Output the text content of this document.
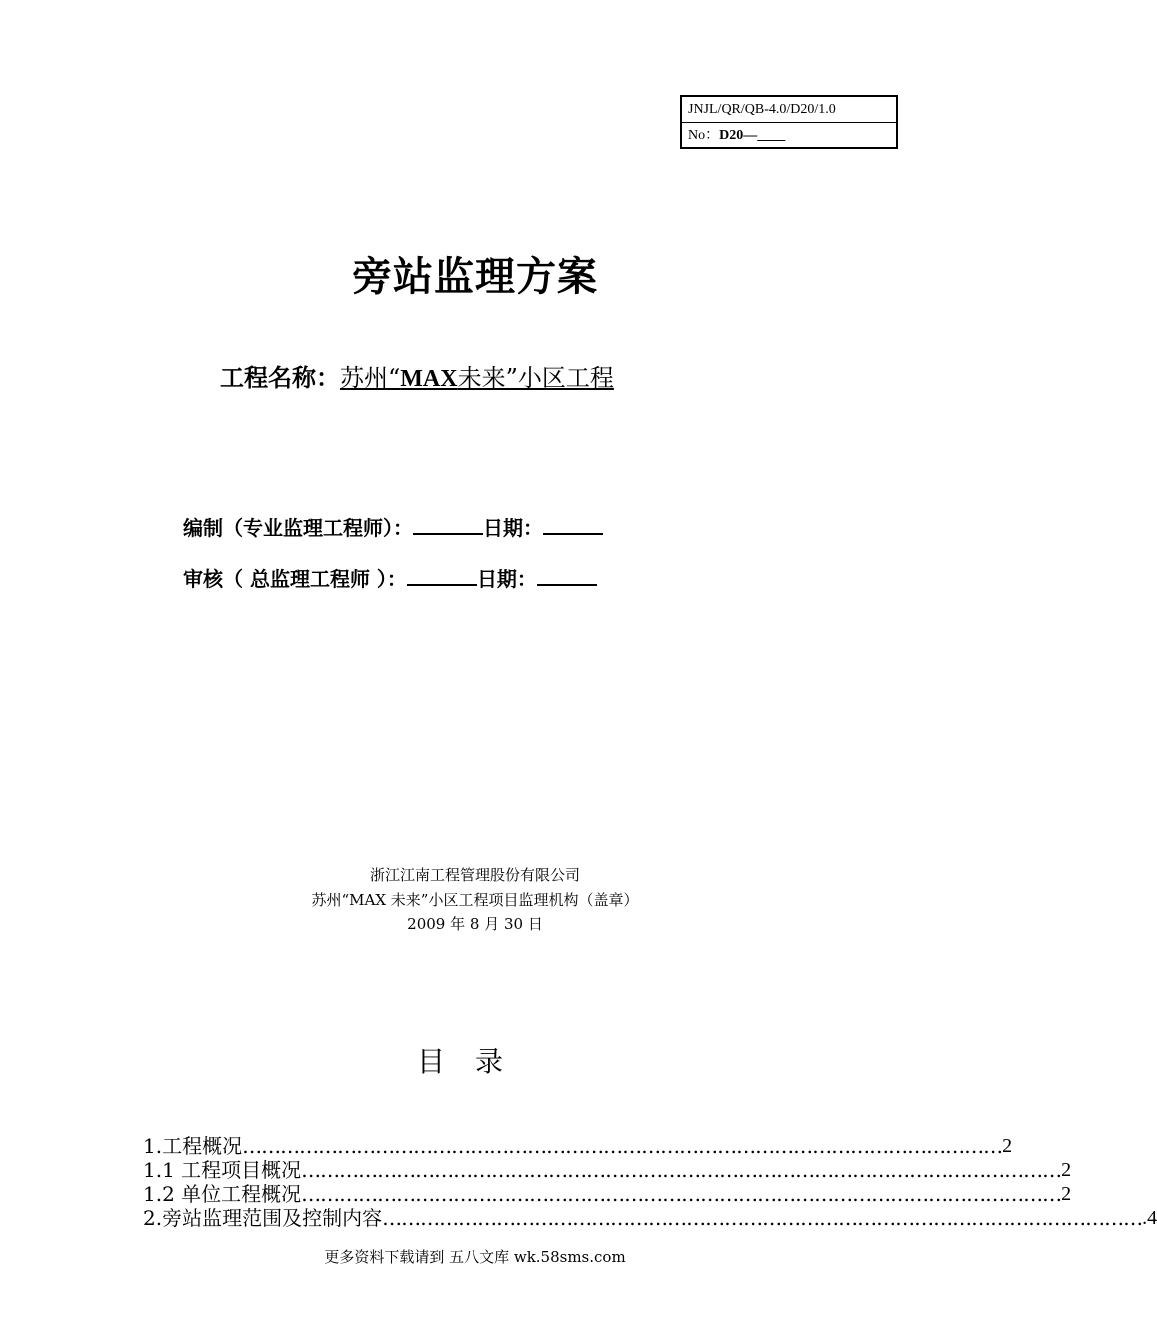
JNJL/QR/QB-4.0/D20/1.0
No：D20—____
旁站监理方案
工程名称：苏州“MAX未来”小区工程
编制（专业监理工程师）：	日期：
审核（ 总监理工程师 ）：	日期：
浙江江南工程管理股份有限公司
苏州“MAX 未来”小区工程项目监理机构（盖章）
2009 年 8 月 30 日
目录
1.工程概况 ………………………………………………………………………………………………………… 2
1.1 工程项目概况 ………………………………………………………………………………………………………… 2
1.2 单位工程概况 ………………………………………………………………………………………………………… 2
2.旁站监理范围及控制内容 ………………………………………………………………………………………………………… .4
更多资料下载请到 五八文库 wk.58sms.com
